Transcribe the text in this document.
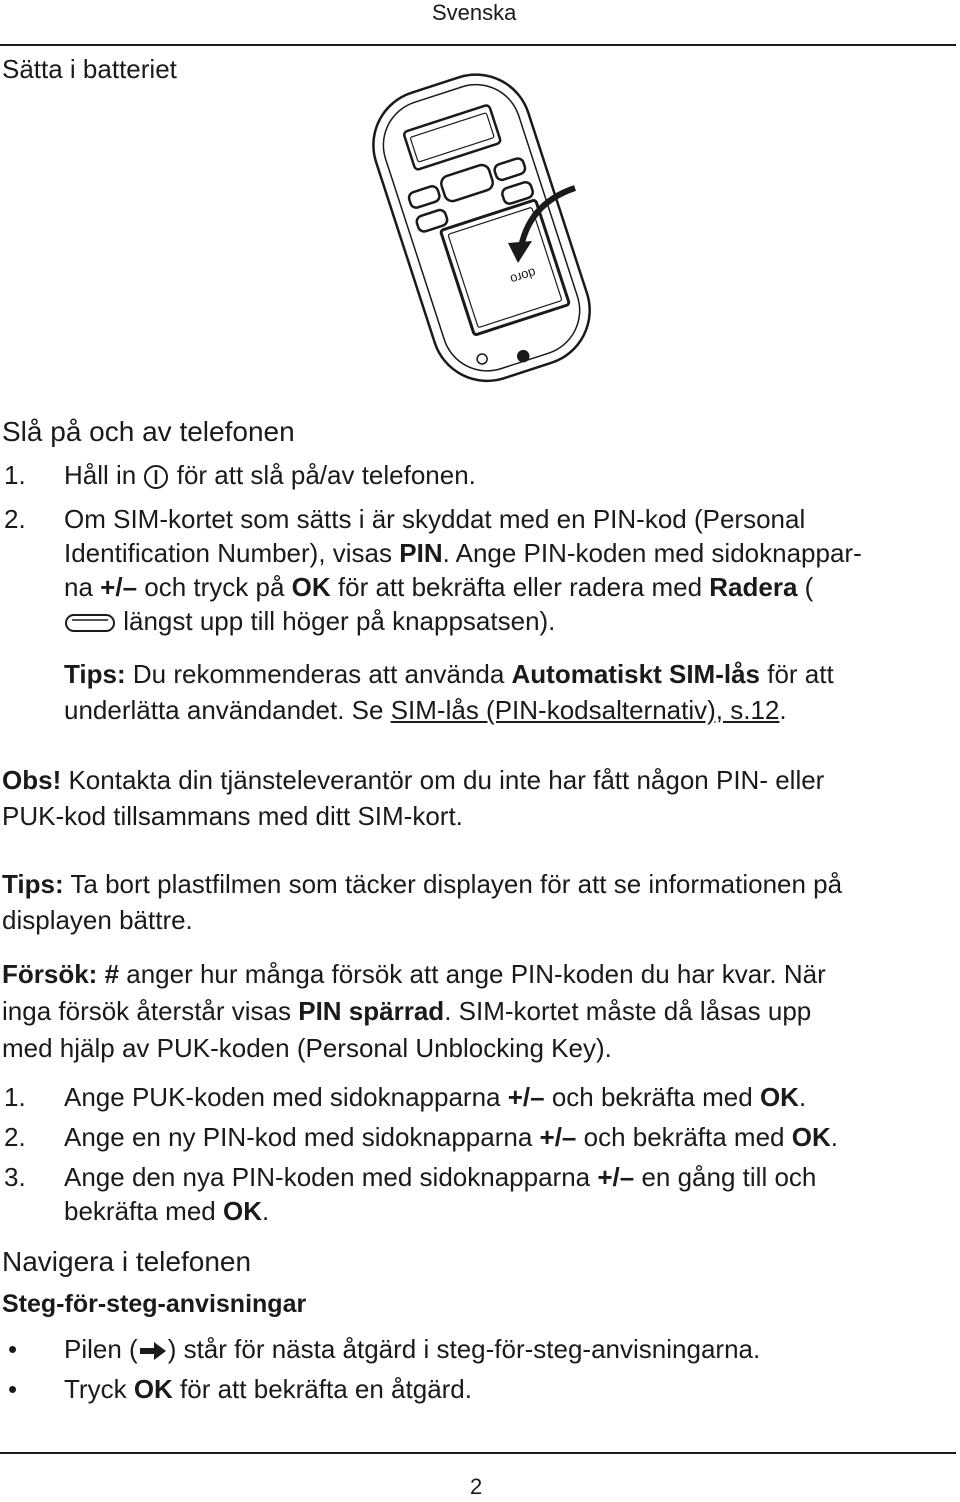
Svenska
Sätta i batteriet
doro
Slå på och av telefonen
1. Håll in för att slå på/av telefonen.
2. Om SIM-kortet som sätts i är skyddat med en PIN-kod (Personal
Identification Number), visas PIN. Ange PIN-koden med sidoknappar-
na +/– och tryck på OK för att bekräfta eller radera med Radera (
längst upp till höger på knappsatsen).
Tips: Du rekommenderas att använda Automatiskt SIM-lås för att
underlätta användandet. Se SIM-lås (PIN-kodsalternativ), s.12.
Obs! Kontakta din tjänsteleverantör om du inte har fått någon PIN- eller
PUK-kod tillsammans med ditt SIM-kort.
Tips: Ta bort plastfilmen som täcker displayen för att se informationen på
displayen bättre.
Försök: # anger hur många försök att ange PIN-koden du har kvar. När
inga försök återstår visas PIN spärrad. SIM-kortet måste då låsas upp
med hjälp av PUK-koden (Personal Unblocking Key).
1. Ange PUK-koden med sidoknapparna +/– och bekräfta med OK.
2. Ange en ny PIN-kod med sidoknapparna +/– och bekräfta med OK.
3. Ange den nya PIN-koden med sidoknapparna +/– en gång till och
bekräfta med OK.
Navigera i telefonen
Steg-för-steg-anvisningar
• Pilen ( ) står för nästa åtgärd i steg-för-steg-anvisningarna.
• Tryck OK för att bekräfta en åtgärd.
2
